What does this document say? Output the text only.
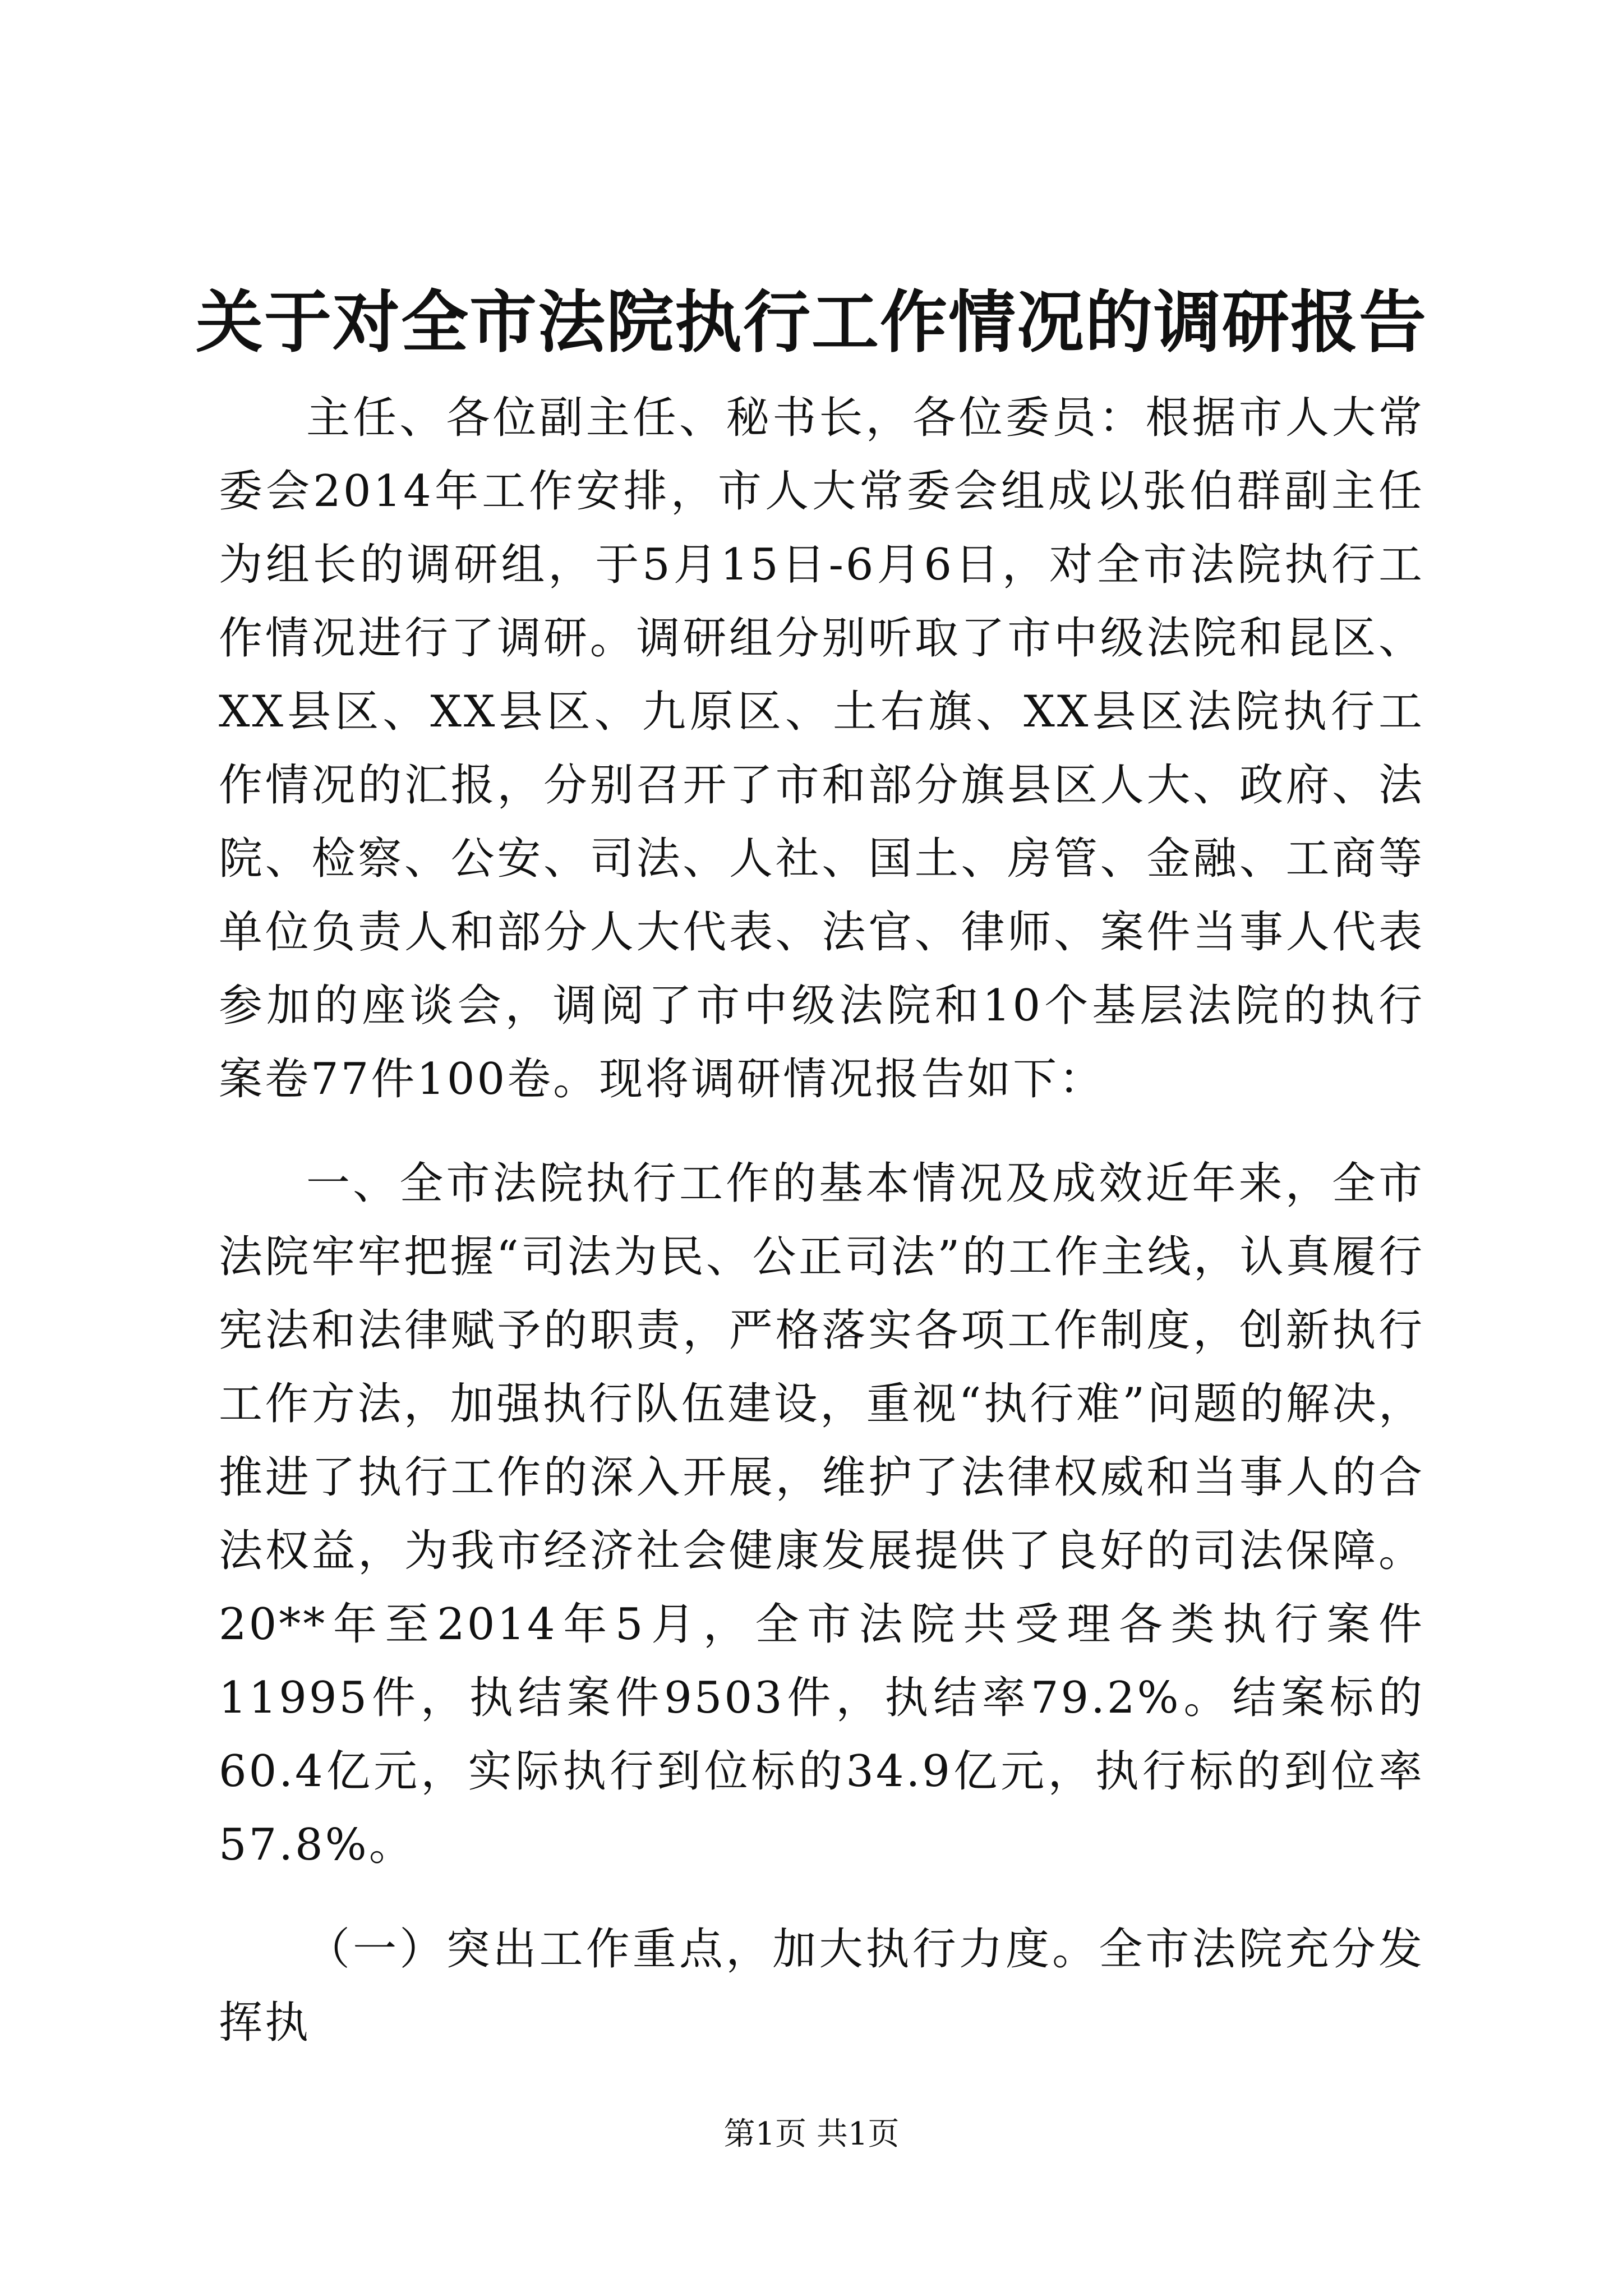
关于对全市法院执行工作情况的调研报告

主任、各位副主任、秘书长，各位委员：根据市人大常委会2014年工作安排，市人大常委会组成以张伯群副主任为组长的调研组，于5月15日-6月6日，对全市法院执行工作情况进行了调研。调研组分别听取了市中级法院和昆区、XX县区、XX县区、九原区、土右旗、XX县区法院执行工作情况的汇报，分别召开了市和部分旗县区人大、政府、法院、检察、公安、司法、人社、国土、房管、金融、工商等单位负责人和部分人大代表、法官、律师、案件当事人代表参加的座谈会，调阅了市中级法院和10个基层法院的执行案卷77件100卷。现将调研情况报告如下：

一、全市法院执行工作的基本情况及成效近年来，全市法院牢牢把握“司法为民、公正司法”的工作主线，认真履行宪法和法律赋予的职责，严格落实各项工作制度，创新执行工作方法，加强执行队伍建设，重视“执行难”问题的解决，推进了执行工作的深入开展，维护了法律权威和当事人的合法权益，为我市经济社会健康发展提供了良好的司法保障。20**年至2014年5月，全市法院共受理各类执行案件11995件，执结案件9503件，执结率79.2%。结案标的60.4亿元，实际执行到位标的34.9亿元，执行标的到位率57.8%。

（一）突出工作重点，加大执行力度。全市法院充分发挥执

第1页 共1页
